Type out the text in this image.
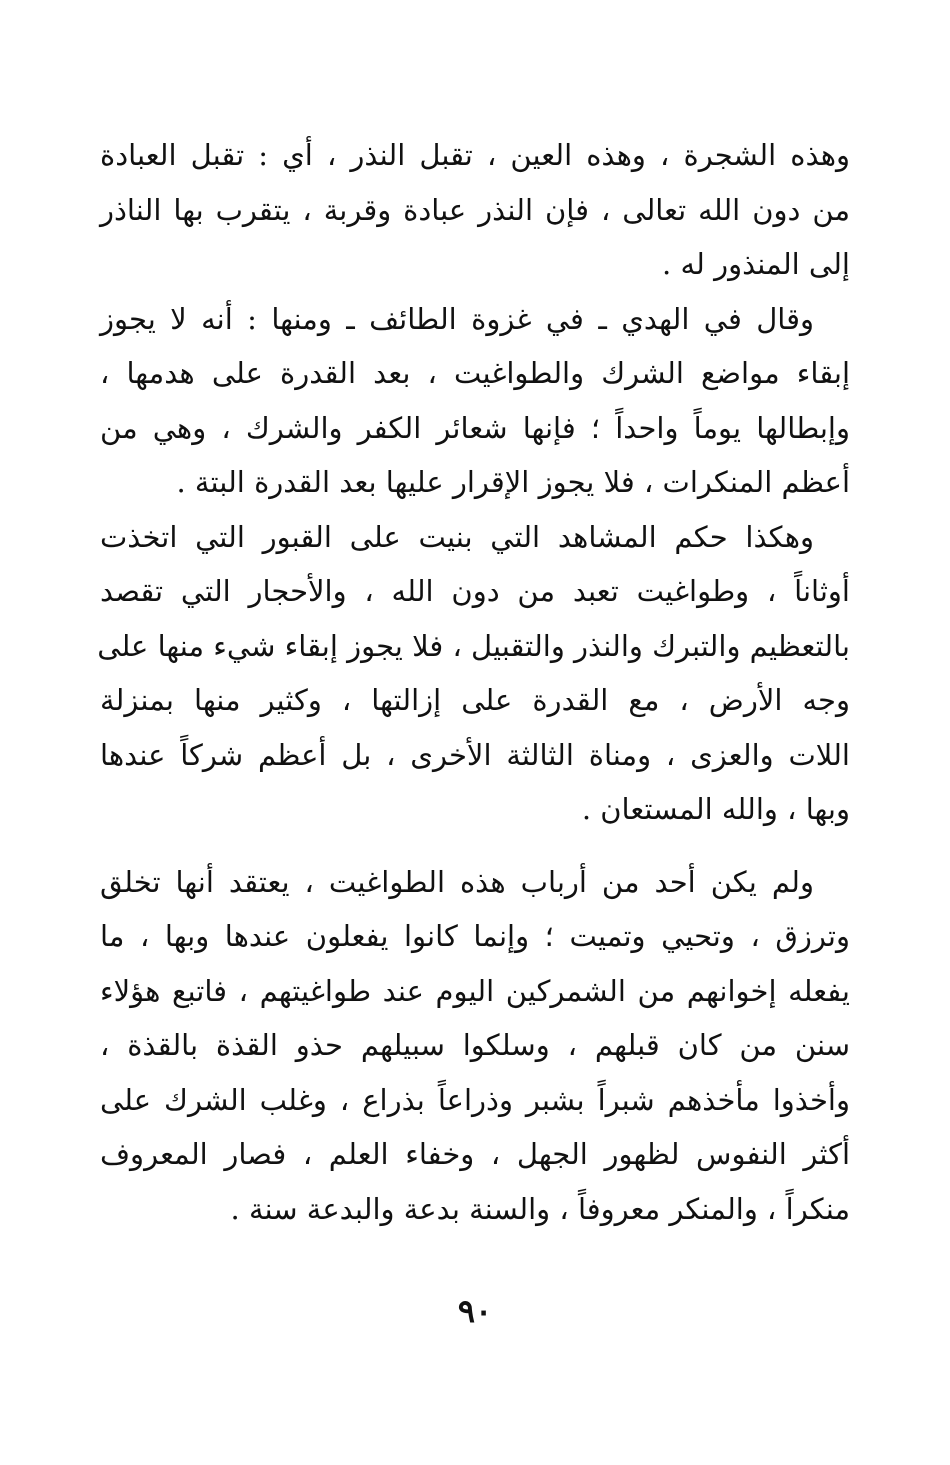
وهذه الشجرة ، وهذه العين ، تقبل النذر ، أي : تقبل العبادة
من دون الله تعالى ، فإن النذر عبادة وقربة ، يتقرب بها الناذر
إلى المنذور له .
وقال في الهدي ـ في غزوة الطائف ـ ومنها : أنه لا يجوز
إبقاء مواضع الشرك والطواغيت ، بعد القدرة على هدمها ،
وإبطالها يوماً واحداً ؛ فإنها شعائر الكفر والشرك ، وهي من
أعظم المنكرات ، فلا يجوز الإقرار عليها بعد القدرة البتة .
وهكذا حكم المشاهد التي بنيت على القبور التي اتخذت
أوثاناً ، وطواغيت تعبد من دون الله ، والأحجار التي تقصد
بالتعظيم والتبرك والنذر والتقبيل ، فلا يجوز إبقاء شيء منها على
وجه الأرض ، مع القدرة على إزالتها ، وكثير منها بمنزلة
اللات والعزى ، ومناة الثالثة الأخرى ، بل أعظم شركاً عندها
وبها ، والله المستعان .
ولم يكن أحد من أرباب هذه الطواغيت ، يعتقد أنها تخلق
وترزق ، وتحيي وتميت ؛ وإنما كانوا يفعلون عندها وبها ، ما
يفعله إخوانهم من الشمركين اليوم عند طواغيتهم ، فاتبع هؤلاء
سنن من كان قبلهم ، وسلكوا سبيلهم حذو القذة بالقذة ،
وأخذوا مأخذهم شبراً بشبر وذراعاً بذراع ، وغلب الشرك على
أكثر النفوس لظهور الجهل ، وخفاء العلم ، فصار المعروف
منكراً ، والمنكر معروفاً ، والسنة بدعة والبدعة سنة .
٩٠
